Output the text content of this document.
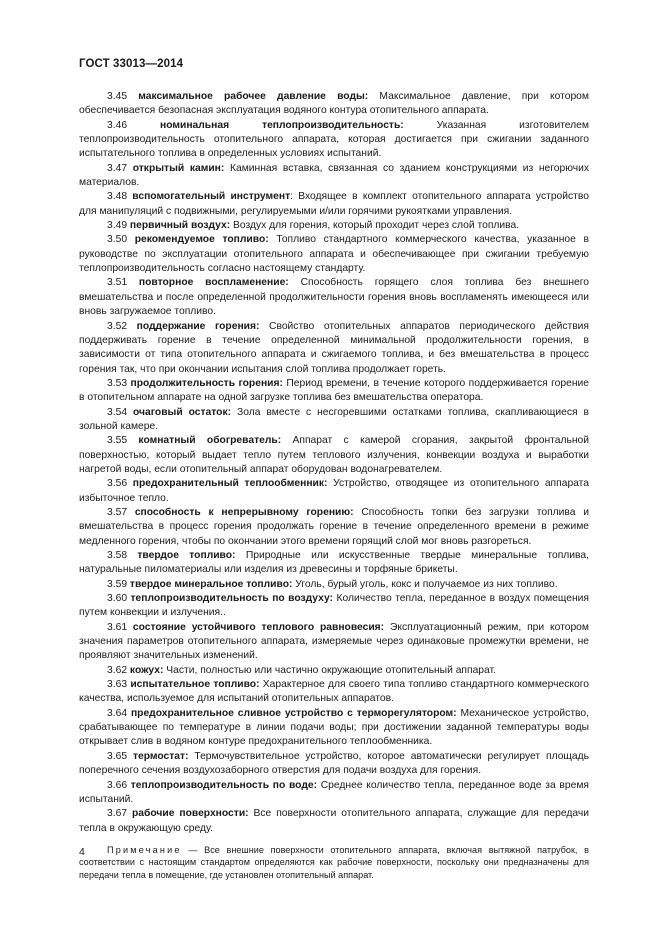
ГОСТ 33013—2014

3.45 максимальное рабочее давление воды: Максимальное давление, при котором обеспечивается безопасная эксплуатация водяного контура отопительного аппарата.

3.46	номинальная теплопроизводительность: Указанная изготовителем теплопроизводительность отопительного аппарата, которая достигается при сжигании заданного испытательного топлива в определенных условиях испытаний.

3.47 открытый камин: Каминная вставка, связанная со зданием конструкциями из негорючих материалов.

3.48 вспомогательный инструмент: Входящее в комплект отопительного аппарата устройство для манипуляций с подвижными, регулируемыми и/или горячими рукоятками управления.

3.49 первичный воздух: Воздух для горения, который проходит через слой топлива.

3.50 рекомендуемое топливо: Топливо стандартного коммерческого качества, указанное в руководстве по эксплуатации отопительного аппарата и обеспечивающее при сжигании требуемую теплопроизводительность согласно настоящему стандарту.

3.51 повторное воспламенение: Способность горящего слоя топлива без внешнего вмешательства и после определенной продолжительности горения вновь воспламенять имеющееся или вновь загружаемое топливо.

3.52 поддержание горения: Свойство отопительных аппаратов периодического действия поддерживать горение в течение определенной минимальной продолжительности горения, в зависимости от типа отопительного аппарата и сжигаемого топлива, и без вмешательства в процесс горения так, что при окончании испытания слой топлива продолжает гореть.

3.53 продолжительность горения: Период времени, в течение которого поддерживается горение в отопительном аппарате на одной загрузке топлива без вмешательства оператора.

3.54 очаговый остаток: Зола вместе с несгоревшими остатками топлива, скапливающиеся в зольной камере.

3.55 комнатный обогреватель: Аппарат с камерой сгорания, закрытой фронтальной поверхностью, который выдает тепло путем теплового излучения, конвекции воздуха и выработки нагретой воды, если отопительный аппарат оборудован водонагревателем.

3.56 предохранительный теплообменник: Устройство, отводящее из отопительного аппарата избыточное тепло.

3.57 способность к непрерывному горению: Способность топки без загрузки топлива и вмешательства в процесс горения продолжать горение в течение определенного времени в режиме медленного горения, чтобы по окончании этого времени горящий слой мог вновь разгореться.

3.58 твердое топливо: Природные или искусственные твердые минеральные топлива, натуральные пиломатериалы или изделия из древесины и торфяные брикеты.

3.59 твердое минеральное топливо: Уголь, бурый уголь, кокс и получаемое из них топливо.

3.60 теплопроизводительность по воздуху: Количество тепла, переданное в воздух помещения путем конвекции и излучения..

3.61 состояние устойчивого теплового равновесия: Эксплуатационный режим, при котором значения параметров отопительного аппарата, измеряемые через одинаковые промежутки времени, не проявляют значительных изменений.

3.62 кожух: Части, полностью или частично окружающие отопительный аппарат.

3.63 испытательное топливо: Характерное для своего типа топливо стандартного коммерческого качества, используемое для испытаний отопительных аппаратов.

3.64 предохранительное сливное устройство с терморегулятором: Механическое устройство, срабатывающее по температуре в линии подачи воды; при достижении заданной температуры воды открывает слив в водяном контуре предохранительного теплообменника.

3.65 термостат: Термочувствительное устройство, которое автоматически регулирует площадь поперечного сечения воздухозаборного отверстия для подачи воздуха для горения.

3.66 теплопроизводительность по воде: Среднее количество тепла, переданное воде за время испытаний.

3.67 рабочие поверхности: Все поверхности отопительного аппарата, служащие для передачи тепла в окружающую среду.

Примечание — Все внешние поверхности отопительного аппарата, включая вытяжной патрубок, в соответствии с настоящим стандартом определяются как рабочие поверхности, поскольку они предназначены для передачи тепла в помещение, где установлен отопительный аппарат.
4
